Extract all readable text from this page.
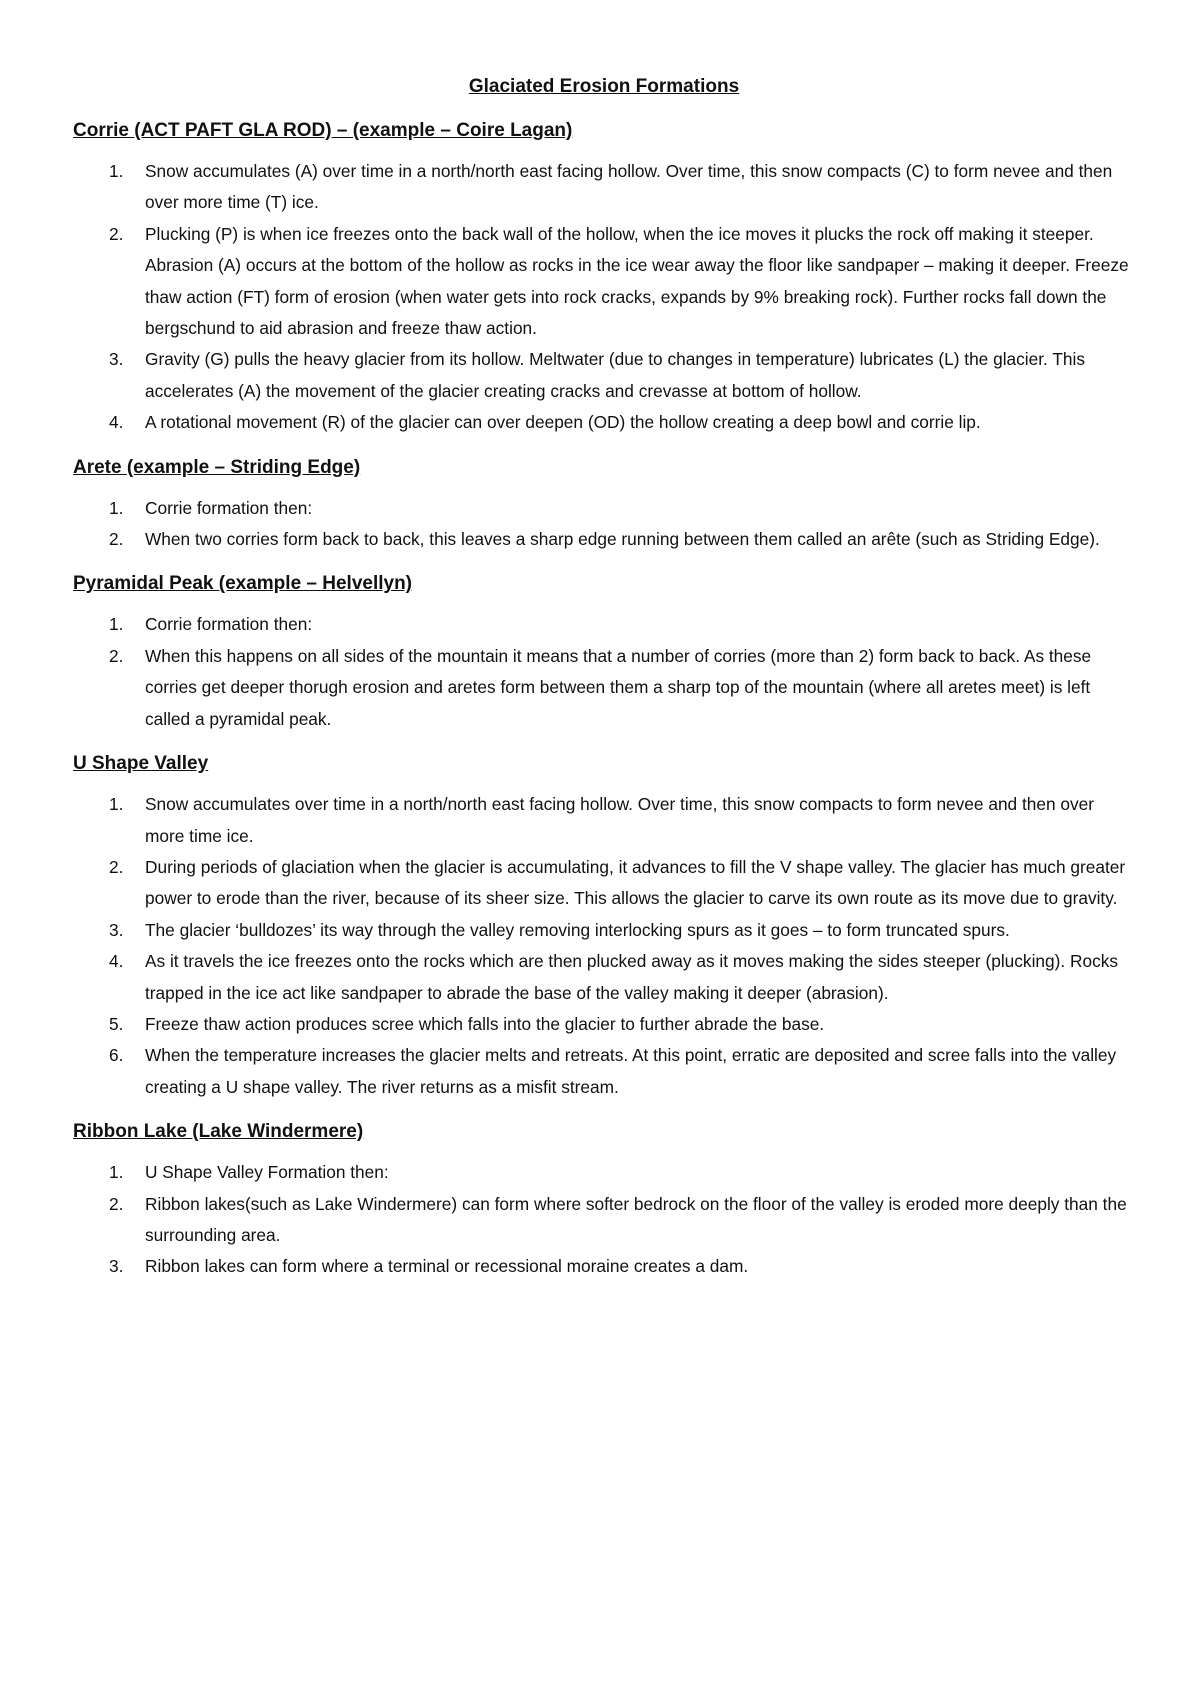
Glaciated Erosion Formations
Corrie (ACT PAFT GLA ROD) – (example – Coire Lagan)
1. Snow accumulates (A) over time in a north/north east facing hollow. Over time, this snow compacts (C) to form nevee and then over more time (T) ice.
2. Plucking (P) is when ice freezes onto the back wall of the hollow, when the ice moves it plucks the rock off making it steeper. Abrasion (A) occurs at the bottom of the hollow as rocks in the ice wear away the floor like sandpaper – making it deeper. Freeze thaw action (FT) form of erosion (when water gets into rock cracks, expands by 9% breaking rock). Further rocks fall down the bergschund to aid abrasion and freeze thaw action.
3. Gravity (G) pulls the heavy glacier from its hollow. Meltwater (due to changes in temperature) lubricates (L) the glacier. This accelerates (A) the movement of the glacier creating cracks and crevasse at bottom of hollow.
4. A rotational movement (R) of the glacier can over deepen (OD) the hollow creating a deep bowl and corrie lip.
Arete (example – Striding Edge)
1. Corrie formation then:
2. When two corries form back to back, this leaves a sharp edge running between them called an arête (such as Striding Edge).
Pyramidal Peak (example – Helvellyn)
1. Corrie formation then:
2. When this happens on all sides of the mountain it means that a number of corries (more than 2) form back to back. As these corries get deeper thorugh erosion and aretes form between them a sharp top of the mountain (where all aretes meet) is left called a pyramidal peak.
U Shape Valley
1. Snow accumulates over time in a north/north east facing hollow. Over time, this snow compacts to form nevee and then over more time ice.
2. During periods of glaciation when the glacier is accumulating, it advances to fill the V shape valley. The glacier has much greater power to erode than the river, because of its sheer size. This allows the glacier to carve its own route as its move due to gravity.
3. The glacier ‘bulldozes’ its way through the valley removing interlocking spurs as it goes – to form truncated spurs.
4. As it travels the ice freezes onto the rocks which are then plucked away as it moves making the sides steeper (plucking). Rocks trapped in the ice act like sandpaper to abrade the base of the valley making it deeper (abrasion).
5. Freeze thaw action produces scree which falls into the glacier to further abrade the base.
6. When the temperature increases the glacier melts and retreats. At this point, erratic are deposited and scree falls into the valley creating a U shape valley. The river returns as a misfit stream.
Ribbon Lake (Lake Windermere)
1. U Shape Valley Formation then:
2. Ribbon lakes(such as Lake Windermere) can form where softer bedrock on the floor of the valley is eroded more deeply than the surrounding area.
3. Ribbon lakes can form where a terminal or recessional moraine creates a dam.
